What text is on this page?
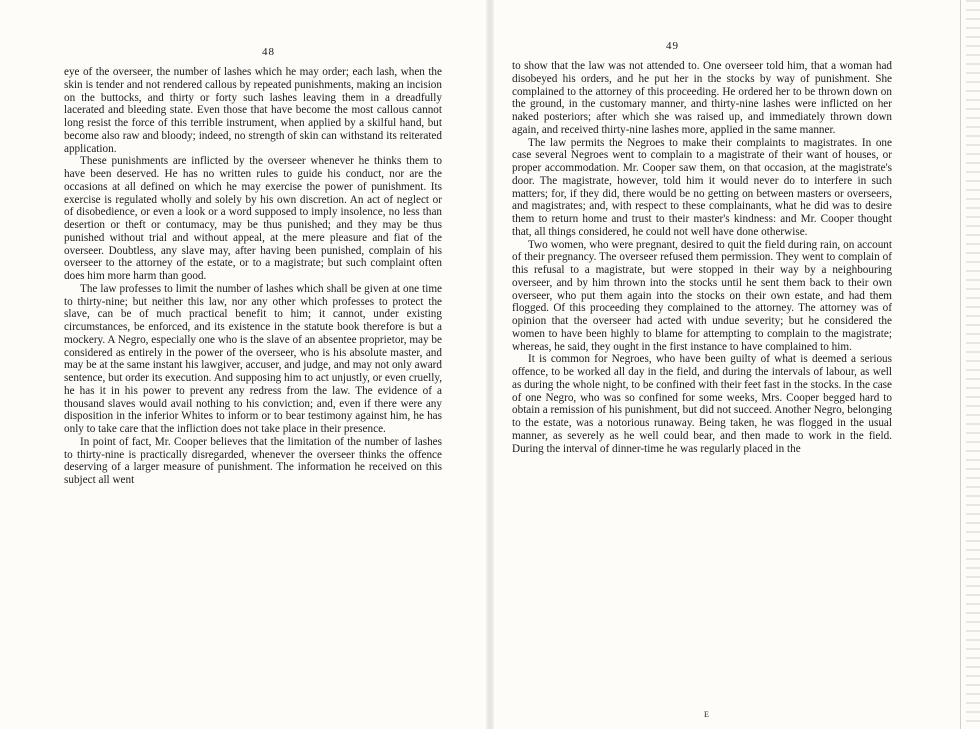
48

eye of the overseer, the number of lashes which he may order; each lash, when the skin is tender and not rendered callous by repeated punishments, making an incision on the buttocks, and thirty or forty such lashes leaving them in a dreadfully lacerated and bleeding state. Even those that have become the most callous cannot long resist the force of this terrible instrument, when applied by a skilful hand, but become also raw and bloody; indeed, no strength of skin can withstand its reiterated application.

These punishments are inflicted by the overseer whenever he thinks them to have been deserved. He has no written rules to guide his conduct, nor are the occasions at all defined on which he may exercise the power of punishment. Its exercise is regulated wholly and solely by his own discretion. An act of neglect or of disobedience, or even a look or a word supposed to imply insolence, no less than desertion or theft or contumacy, may be thus punished; and they may be thus punished without trial and without appeal, at the mere pleasure and fiat of the overseer. Doubtless, any slave may, after having been punished, complain of his overseer to the attorney of the estate, or to a magistrate; but such complaint often does him more harm than good.

The law professes to limit the number of lashes which shall be given at one time to thirty-nine; but neither this law, nor any other which professes to protect the slave, can be of much practical benefit to him; it cannot, under existing circumstances, be enforced, and its existence in the statute book therefore is but a mockery. A Negro, especially one who is the slave of an absentee proprietor, may be considered as entirely in the power of the overseer, who is his absolute master, and may be at the same instant his lawgiver, accuser, and judge, and may not only award sentence, but order its execution. And supposing him to act unjustly, or even cruelly, he has it in his power to prevent any redress from the law. The evidence of a thousand slaves would avail nothing to his conviction; and, even if there were any disposition in the inferior Whites to inform or to bear testimony against him, he has only to take care that the infliction does not take place in their presence.

In point of fact, Mr. Cooper believes that the limitation of the number of lashes to thirty-nine is practically disregarded, whenever the overseer thinks the offence deserving of a larger measure of punishment. The information he received on this subject all went

49

to show that the law was not attended to. One overseer told him, that a woman had disobeyed his orders, and he put her in the stocks by way of punishment. She complained to the attorney of this proceeding. He ordered her to be thrown down on the ground, in the customary manner, and thirty-nine lashes were inflicted on her naked posteriors; after which she was raised up, and immediately thrown down again, and received thirty-nine lashes more, applied in the same manner.

The law permits the Negroes to make their complaints to magistrates. In one case several Negroes went to complain to a magistrate of their want of houses, or proper accommodation. Mr. Cooper saw them, on that occasion, at the magistrate's door. The magistrate, however, told him it would never do to interfere in such matters; for, if they did, there would be no getting on between masters or overseers, and magistrates; and, with respect to these complainants, what he did was to desire them to return home and trust to their master's kindness: and Mr. Cooper thought that, all things considered, he could not well have done otherwise.

Two women, who were pregnant, desired to quit the field during rain, on account of their pregnancy. The overseer refused them permission. They went to complain of this refusal to a magistrate, but were stopped in their way by a neighbouring overseer, and by him thrown into the stocks until he sent them back to their own overseer, who put them again into the stocks on their own estate, and had them flogged. Of this proceeding they complained to the attorney. The attorney was of opinion that the overseer had acted with undue severity; but he considered the women to have been highly to blame for attempting to complain to the magistrate; whereas, he said, they ought in the first instance to have complained to him.

It is common for Negroes, who have been guilty of what is deemed a serious offence, to be worked all day in the field, and during the intervals of labour, as well as during the whole night, to be confined with their feet fast in the stocks. In the case of one Negro, who was so confined for some weeks, Mrs. Cooper begged hard to obtain a remission of his punishment, but did not succeed. Another Negro, belonging to the estate, was a notorious runaway. Being taken, he was flogged in the usual manner, as severely as he well could bear, and then made to work in the field. During the interval of dinner-time he was regularly placed in the

E
